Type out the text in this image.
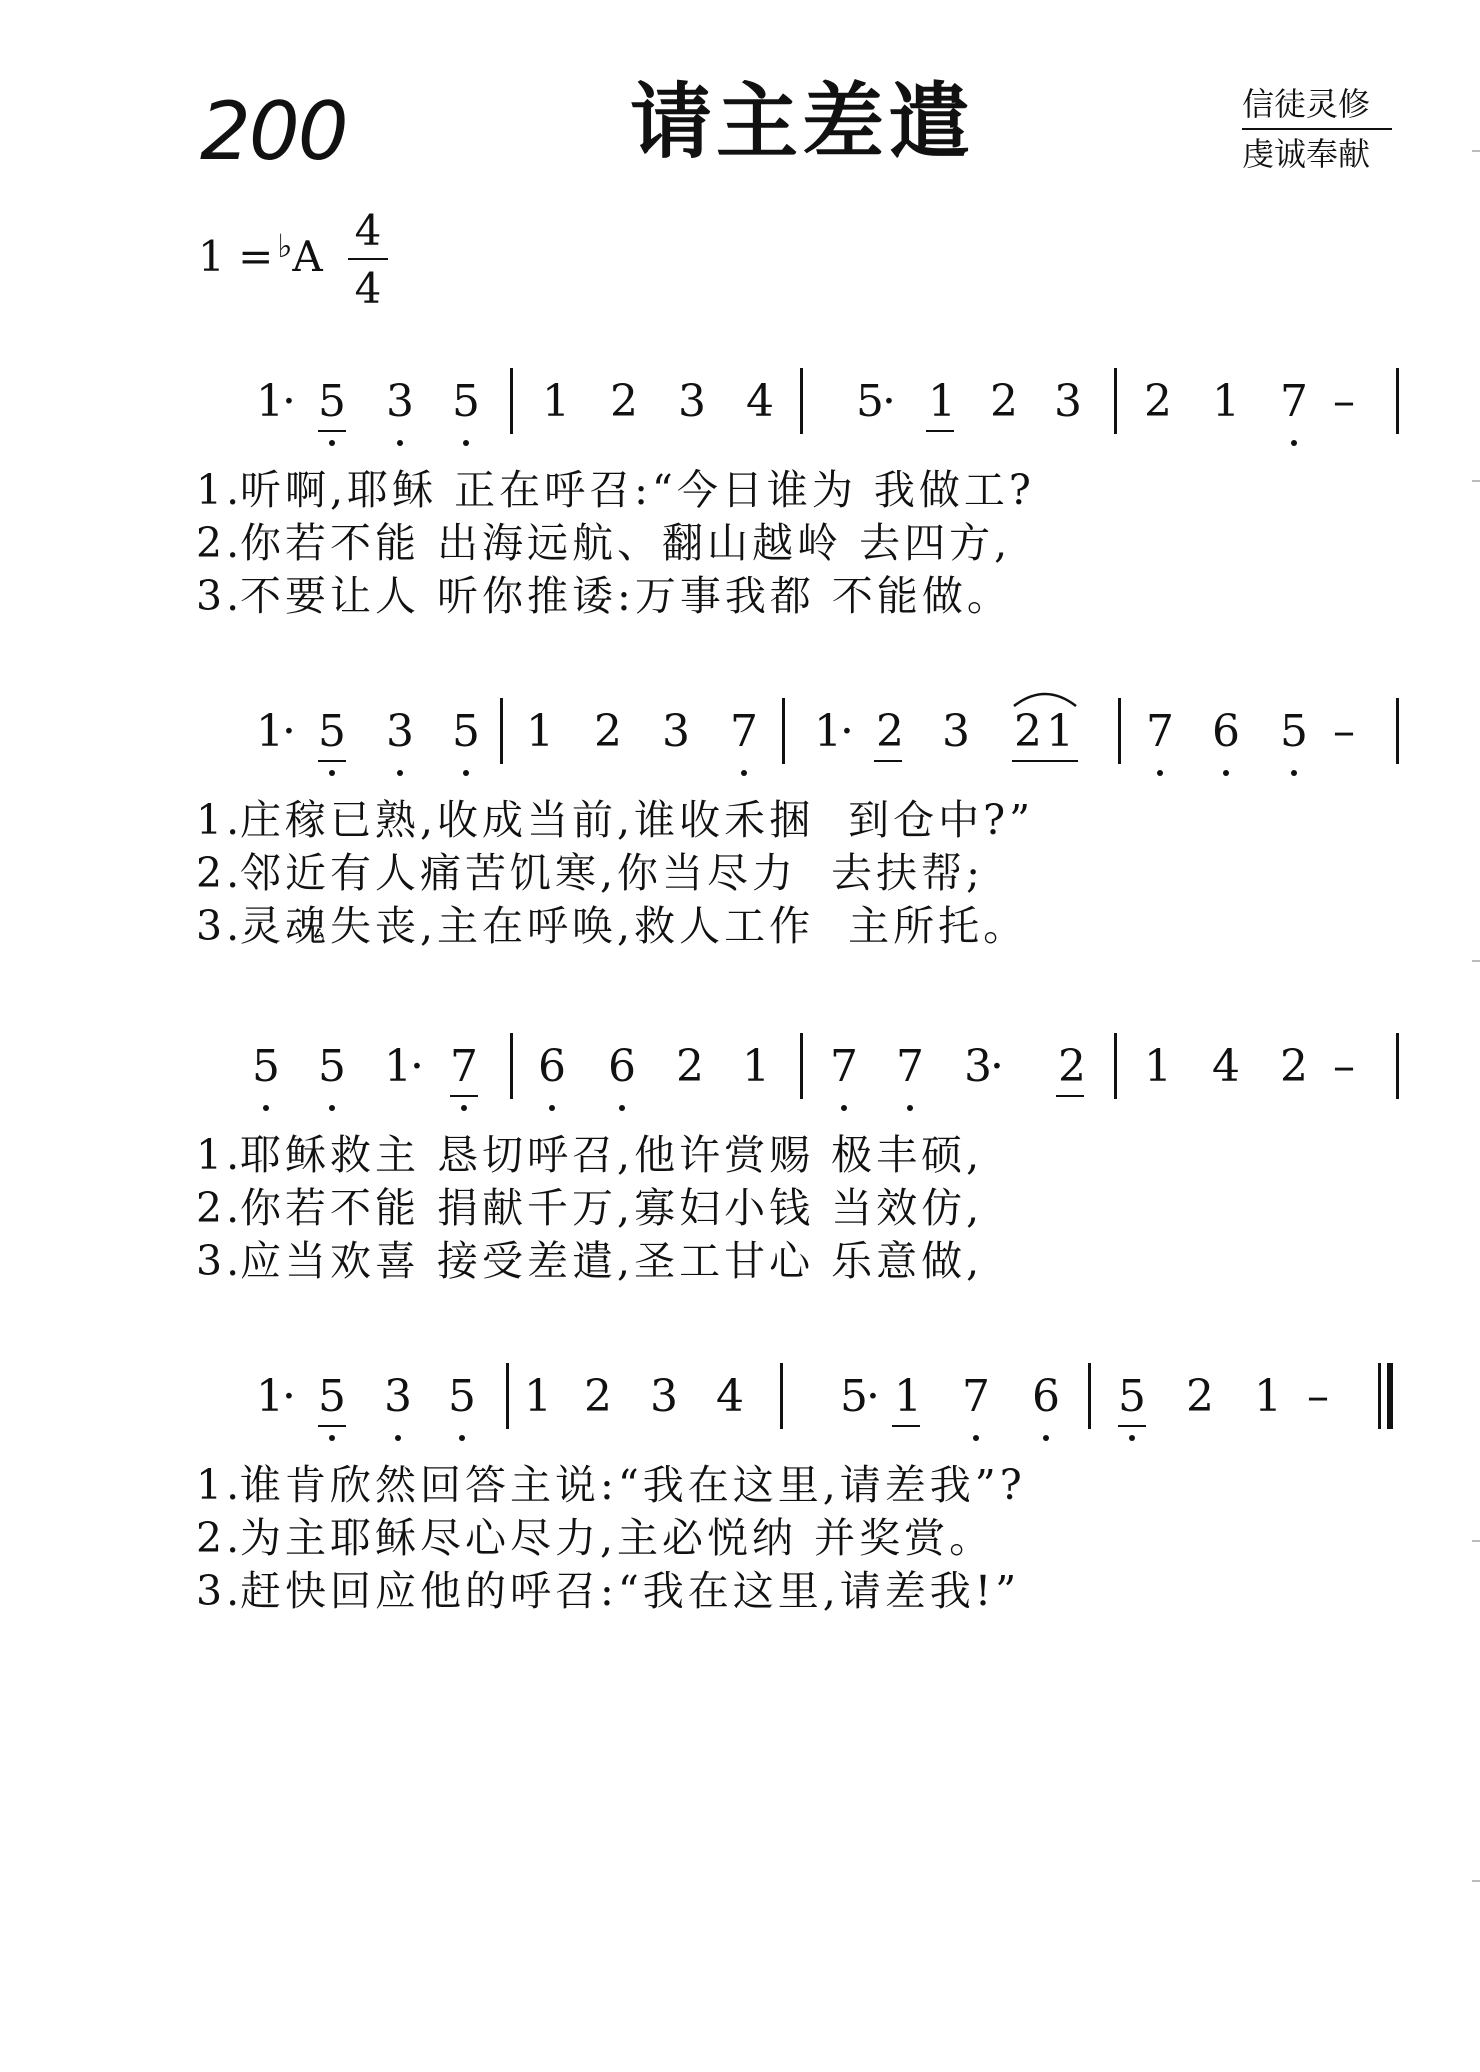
200	请主差遣	信徒灵修
虔诚奉献
1 = ♭A
4
4
1
· 5 3 5 1 2 3 4 5
· 1 2 3 2 1 7 –
1.听啊,耶稣 正在呼召:“今日谁为 我做工?
2.你若不能 出海远航、翻山越岭 去四方,
3.不要让人 听你推诿:万事我都 不能做。
1
· 5 3 5 1 2 3 7 1
· 2 3 2 1 7 6 5 –
1.庄稼已熟,收成当前,谁收禾捆  到仓中?”
2.邻近有人痛苦饥寒,你当尽力  去扶帮;
3.灵魂失丧,主在呼唤,救人工作  主所托。
5 5 1
· 7 6 6 2 1 7 7 3
· 2 1 4 2 –
1.耶稣救主 恳切呼召,他许赏赐 极丰硕,
2.你若不能 捐献千万,寡妇小钱 当效仿,
3.应当欢喜 接受差遣,圣工甘心 乐意做,
1
· 5 3 5 1 2 3 4 5
· 1 7 6 5 2 1 –
1.谁肯欣然回答主说:“我在这里,请差我”?
2.为主耶稣尽心尽力,主必悦纳 并奖赏。
3.赶快回应他的呼召:“我在这里,请差我!”
